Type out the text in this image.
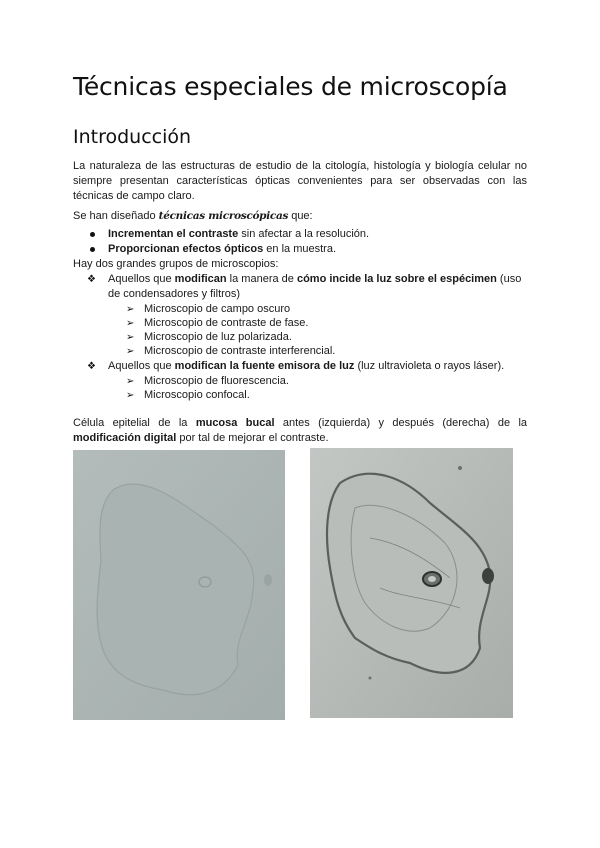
Técnicas especiales de microscopía
Introducción

La naturaleza de las estructuras de estudio de la citología, histología y biología celular no siempre presentan características ópticas convenientes para ser observadas con las técnicas de campo claro.

Se han diseñado técnicas microscópicas que:
Incrementan el contraste sin afectar a la resolución.
Proporcionan efectos ópticos en la muestra.
Hay dos grandes grupos de microscopios:
❖ Aquellos que modifican la manera de cómo incide la luz sobre el espécimen (uso
de condensadores y filtros)
➢ Microscopio de campo oscuro
➢ Microscopio de contraste de fase.
➢ Microscopio de luz polarizada.
➢ Microscopio de contraste interferencial.
❖ Aquellos que modifican la fuente emisora de luz (luz ultravioleta o rayos láser).
➢ Microscopio de fluorescencia.
➢ Microscopio confocal.

Célula epitelial de la mucosa bucal antes (izquierda) y después (derecha) de la modificación digital por tal de mejorar el contraste.
